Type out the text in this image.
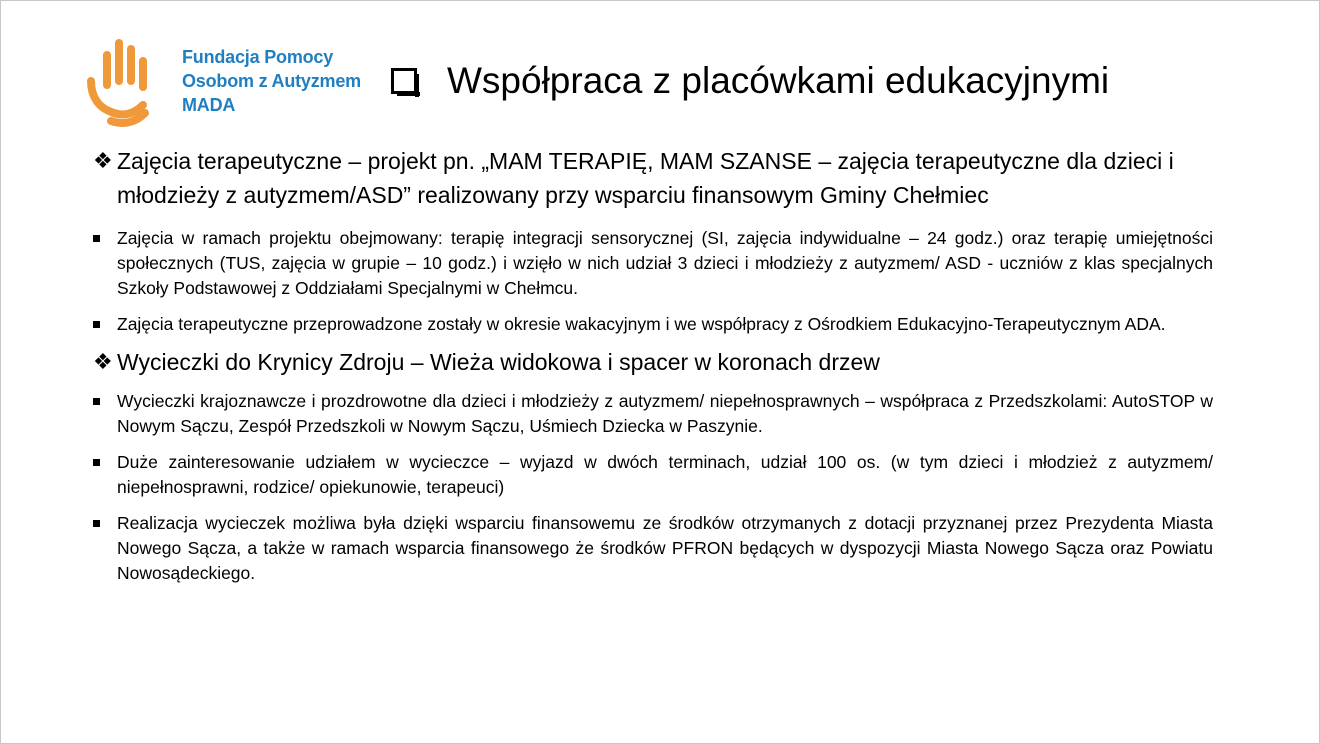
Fundacja Pomocy
Osobom z Autyzmem
MADA
Współpraca z placówkami edukacyjnymi
❖ Zajęcia terapeutyczne – projekt pn. „MAM TERAPIĘ, MAM SZANSE – zajęcia terapeutyczne dla dzieci i młodzieży z autyzmem/ASD” realizowany przy wsparciu finansowym Gminy Chełmiec
Zajęcia w ramach projektu obejmowany: terapię integracji sensorycznej (SI, zajęcia indywidualne – 24 godz.) oraz terapię umiejętności społecznych (TUS, zajęcia w grupie – 10 godz.) i wzięło w nich udział 3 dzieci i młodzieży z autyzmem/ ASD - uczniów z klas specjalnych Szkoły Podstawowej z Oddziałami Specjalnymi w Chełmcu.
Zajęcia terapeutyczne przeprowadzone zostały w okresie wakacyjnym i we współpracy z Ośrodkiem Edukacyjno-Terapeutycznym ADA.
❖ Wycieczki do Krynicy Zdroju – Wieża widokowa i spacer w koronach drzew
Wycieczki krajoznawcze i prozdrowotne dla dzieci i młodzieży z autyzmem/ niepełnosprawnych – współpraca z Przedszkolami: AutoSTOP w Nowym Sączu, Zespół Przedszkoli w Nowym Sączu, Uśmiech Dziecka w Paszynie.
Duże zainteresowanie udziałem w wycieczce – wyjazd w dwóch terminach, udział 100 os. (w tym dzieci i młodzież z autyzmem/ niepełnosprawni, rodzice/ opiekunowie, terapeuci)
Realizacja wycieczek możliwa była dzięki wsparciu finansowemu ze środków otrzymanych z dotacji przyznanej przez Prezydenta Miasta Nowego Sącza, a także w ramach wsparcia finansowego że środków PFRON będących w dyspozycji Miasta Nowego Sącza oraz Powiatu Nowosądeckiego.
